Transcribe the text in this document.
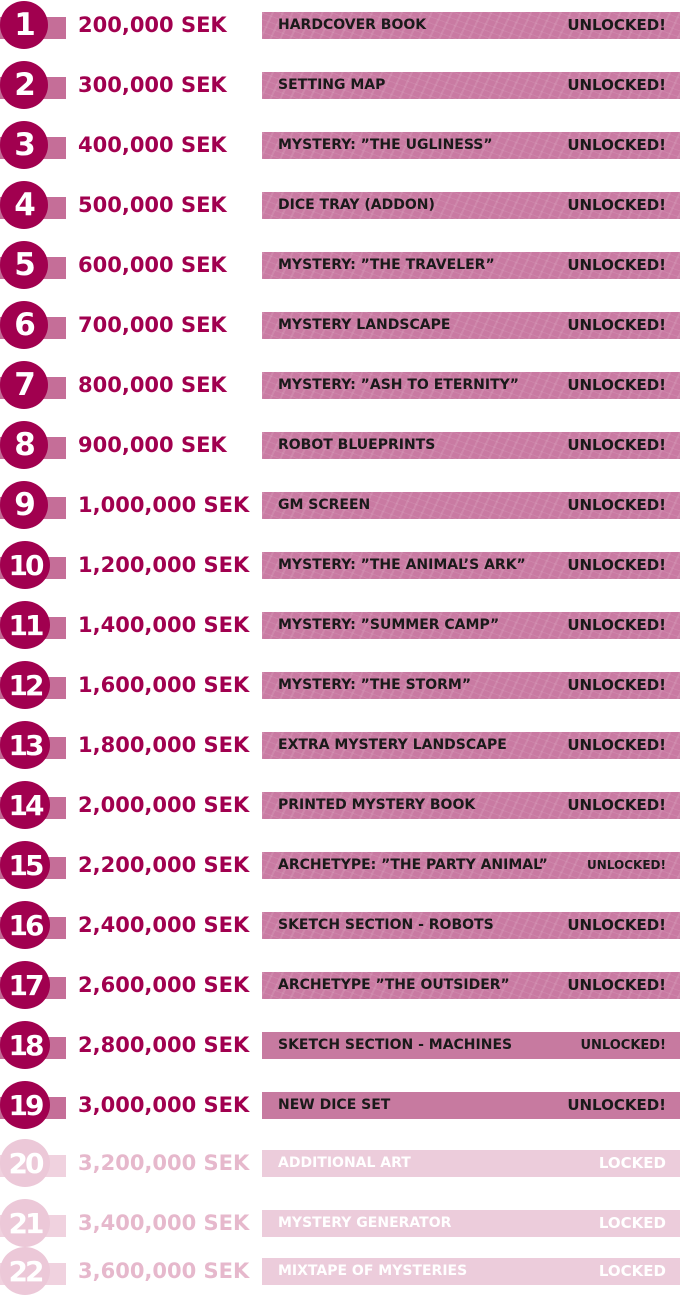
1	200,000 SEK	HARDCOVER BOOK	UNLOCKED!
2	300,000 SEK	SETTING MAP	UNLOCKED!
3	400,000 SEK	MYSTERY: ”THE UGLINESS”	UNLOCKED!
4	500,000 SEK	DICE TRAY (ADDON)	UNLOCKED!
5	600,000 SEK	MYSTERY: ”THE TRAVELER”	UNLOCKED!
6	700,000 SEK	MYSTERY LANDSCAPE	UNLOCKED!
7	800,000 SEK	MYSTERY: ”ASH TO ETERNITY”	UNLOCKED!
8	900,000 SEK	ROBOT BLUEPRINTS	UNLOCKED!
9	1,000,000 SEK GM SCREEN	UNLOCKED!
10	1,200,000 SEK MYSTERY: ”THE ANIMAL’S ARK”	UNLOCKED!
11	1,400,000 SEK MYSTERY: ”SUMMER CAMP”	UNLOCKED!
12	1,600,000 SEK MYSTERY: ”THE STORM”	UNLOCKED!
13	1,800,000 SEK EXTRA MYSTERY LANDSCAPE	UNLOCKED!
14	2,000,000 SEK PRINTED MYSTERY BOOK	UNLOCKED!
15	2,200,000 SEK ARCHETYPE: ”THE PARTY ANIMAL”	UNLOCKED!
16	2,400,000 SEK SKETCH SECTION - ROBOTS	UNLOCKED!
17	2,600,000 SEK ARCHETYPE ”THE OUTSIDER”	UNLOCKED!
18	2,800,000 SEK SKETCH SECTION - MACHINES	UNLOCKED!
19	3,000,000 SEK NEW DICE SET	UNLOCKED!
20	3,200,000 SEK ADDITIONAL ART	LOCKED
21	3,400,000 SEK MYSTERY GENERATOR	LOCKED
22	3,600,000 SEK MIXTAPE OF MYSTERIES	LOCKED
